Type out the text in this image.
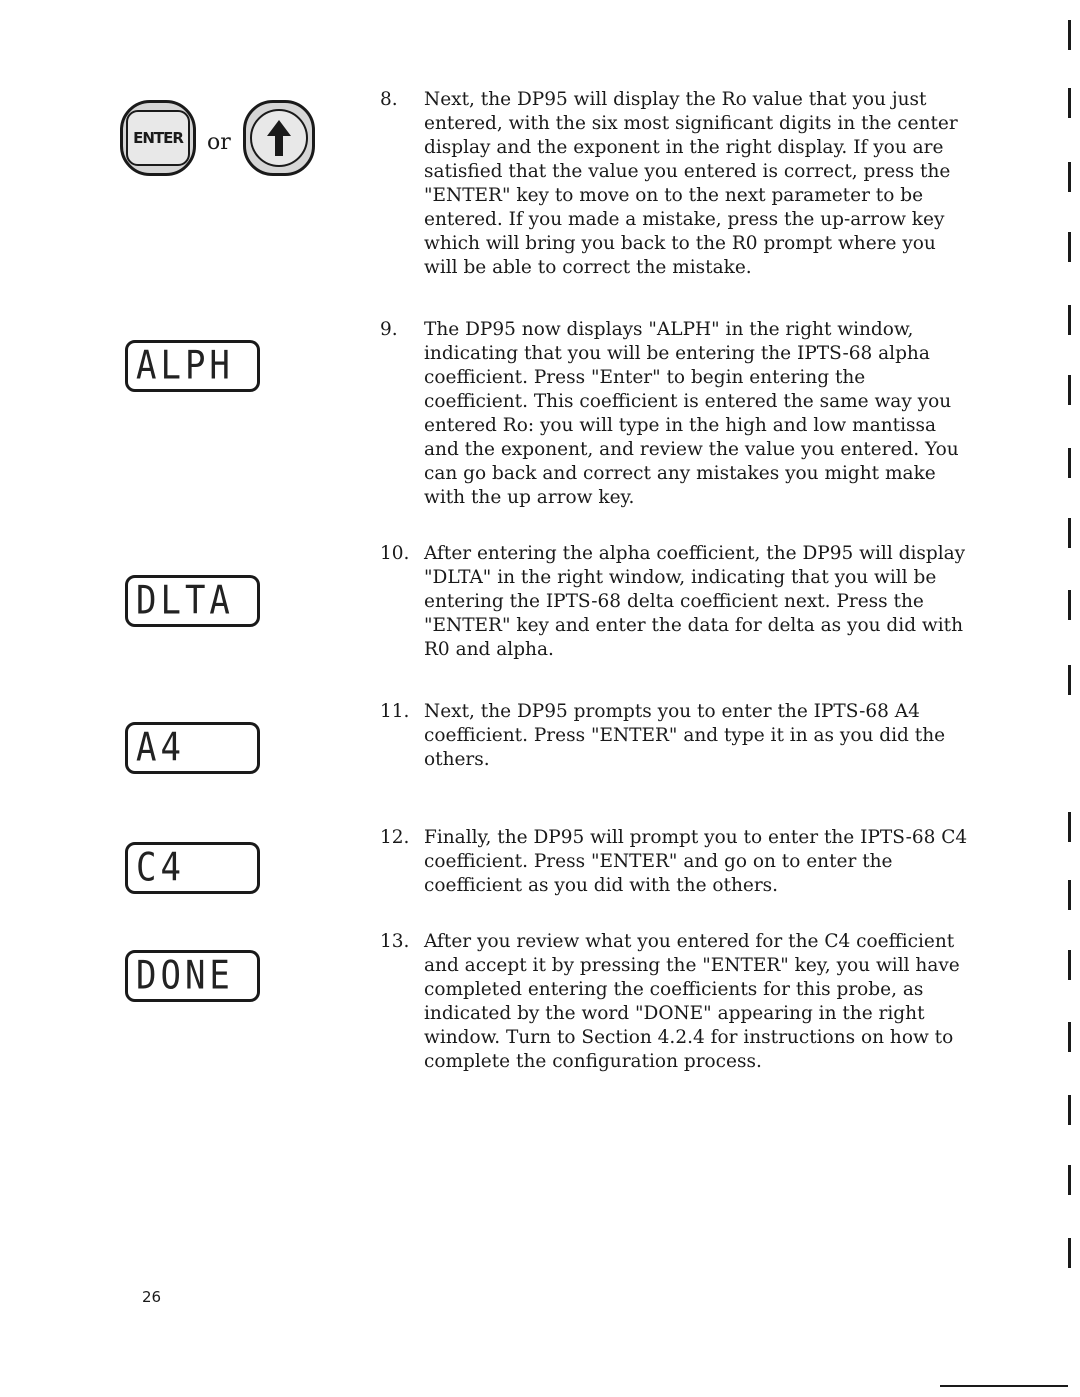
ENTER or
ALPH
DLTA
A4
C4
DONE
8.	Next, the DP95 will display the Ro value that you just entered, with the six most significant digits in the center display and the exponent in the right display. If you are satisfied that the value you entered is correct, press the "ENTER" key to move on to the next parameter to be entered. If you made a mistake, press the up-arrow key which will bring you back to the R0 prompt where you will be able to correct the mistake.
9.	The DP95 now displays "ALPH" in the right window, indicating that you will be entering the IPTS-68 alpha coefficient. Press "Enter" to begin entering the coefficient. This coefficient is entered the same way you entered Ro: you will type in the high and low mantissa and the exponent, and review the value you entered. You can go back and correct any mistakes you might make with the up arrow key.
10. After entering the alpha coefficient, the DP95 will display "DLTA" in the right window, indicating that you will be entering the IPTS-68 delta coefficient next. Press the "ENTER" key and enter the data for delta as you did with R0 and alpha.
11. Next, the DP95 prompts you to enter the IPTS-68 A4 coefficient. Press "ENTER" and type it in as you did the others.
12. Finally, the DP95 will prompt you to enter the IPTS-68 C4 coefficient. Press "ENTER" and go on to enter the coefficient as you did with the others.
13. After you review what you entered for the C4 coefficient and accept it by pressing the "ENTER" key, you will have completed entering the coefficients for this probe, as indicated by the word "DONE" appearing in the right window. Turn to Section 4.2.4 for instructions on how to complete the configuration process.
26
